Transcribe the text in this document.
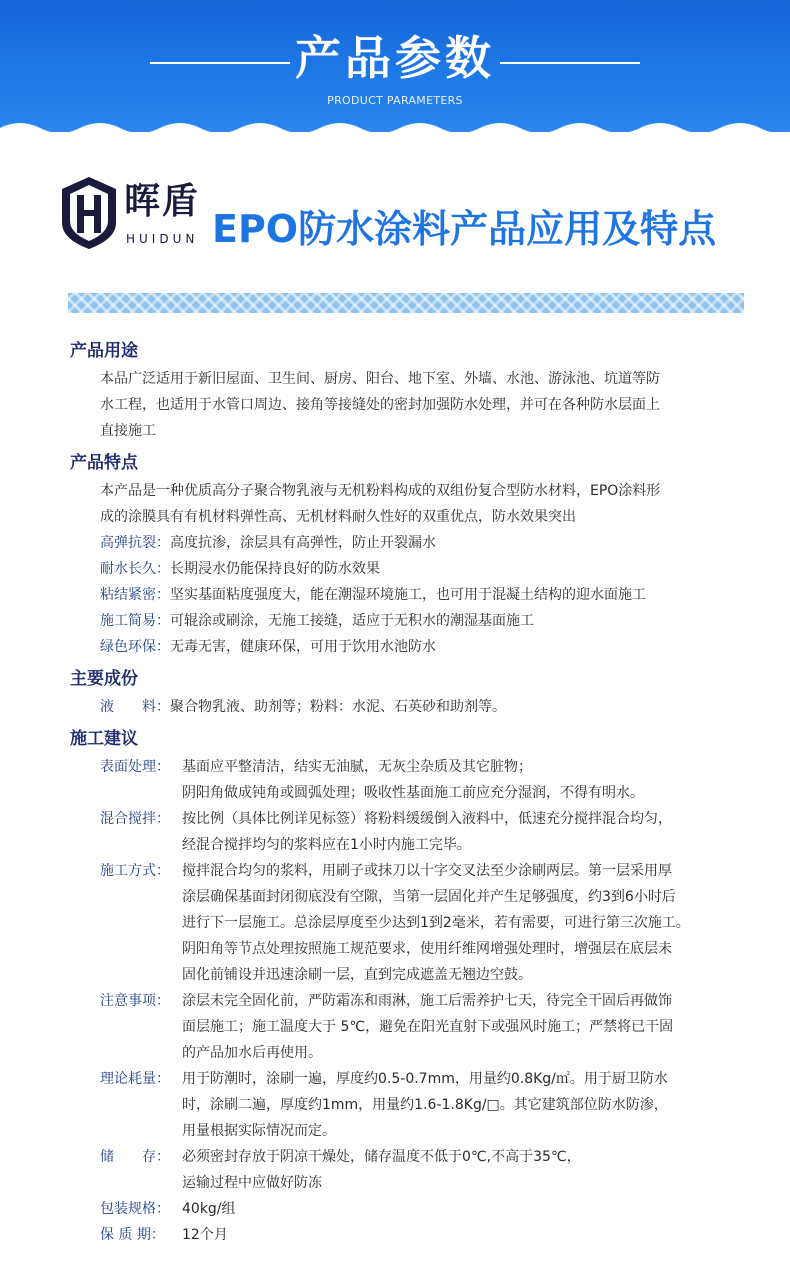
产品参数
PRODUCT PARAMETERS
晖盾
HUIDUN EPO防水涂料产品应用及特点
产品用途
本品广泛适用于新旧屋面、卫生间、厨房、阳台、地下室、外墙、水池、游泳池、坑道等防
水工程，也适用于水管口周边、接角等接缝处的密封加强防水处理，并可在各种防水层面上
直接施工
产品特点
本产品是一种优质高分子聚合物乳液与无机粉料构成的双组份复合型防水材料，EPO涂料形
成的涂膜具有有机材料弹性高、无机材料耐久性好的双重优点，防水效果突出
高弹抗裂： 高度抗渗，涂层具有高弹性，防止开裂漏水
耐水长久： 长期浸水仍能保持良好的防水效果
粘结紧密： 坚实基面粘度强度大，能在潮湿环境施工，也可用于混凝土结构的迎水面施工
施工简易： 可辊涂或刷涂，无施工接缝，适应于无积水的潮湿基面施工
绿色环保： 无毒无害，健康环保，可用于饮用水池防水
主要成份
液　　料： 聚合物乳液、助剂等；粉料：水泥、石英砂和助剂等。
施工建议
表面处理： 基面应平整清洁，结实无油腻，无灰尘杂质及其它脏物；
阴阳角做成钝角或圆弧处理；吸收性基面施工前应充分湿润，不得有明水。
混合搅拌： 按比例（具体比例详见标签）将粉料缓缓倒入液料中，低速充分搅拌混合均匀，
经混合搅拌均匀的浆料应在1小时内施工完毕。
施工方式： 搅拌混合均匀的浆料，用刷子或抹刀以十字交叉法至少涂刷两层。第一层采用厚
涂层确保基面封闭彻底没有空隙，当第一层固化并产生足够强度，约3到6小时后
进行下一层施工。总涂层厚度至少达到1到2毫米，若有需要，可进行第三次施工。
阴阳角等节点处理按照施工规范要求，使用纤维网增强处理时，增强层在底层未
固化前铺设并迅速涂刷一层，直到完成遮盖无翘边空鼓。
注意事项： 涂层未完全固化前，严防霜冻和雨淋，施工后需养护七天，待完全干固后再做饰
面层施工；施工温度大于 5℃，避免在阳光直射下或强风时施工；严禁将已干固
的产品加水后再使用。
理论耗量： 用于防潮时，涂刷一遍，厚度约0.5-0.7mm，用量约0.8Kg/㎡。用于厨卫防水
时，涂刷二遍，厚度约1mm，用量约1.6-1.8Kg/□。其它建筑部位防水防渗，
用量根据实际情况而定。
储　　存： 必须密封存放于阴凉干燥处，储存温度不低于0℃,不高于35℃，
运输过程中应做好防冻
包装规格： 40kg/组
保 质 期：	12个月
